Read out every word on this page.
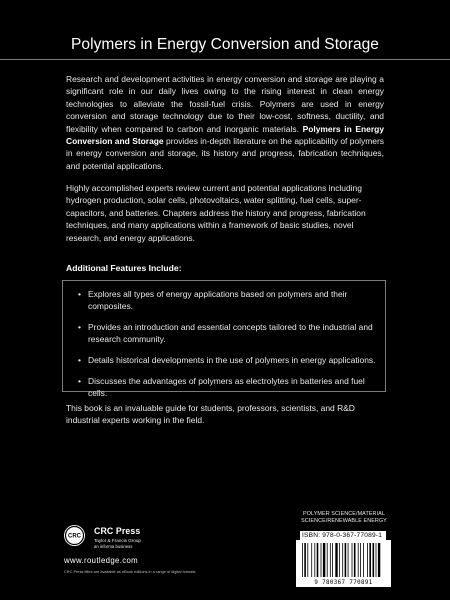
Polymers in Energy Conversion and Storage

Research and development activities in energy conversion and storage are playing a significant role in our daily lives owing to the rising interest in clean energy technologies to alleviate the fossil-fuel crisis. Polymers are used in energy conversion and storage technology due to their low-cost, softness, ductility, and flexibility when compared to carbon and inorganic materials. Polymers in Energy Conversion and Storage provides in-depth literature on the applicability of polymers in energy conversion and storage, its history and progress, fabrication techniques, and potential applications.

Highly accomplished experts review current and potential applications including hydrogen production, solar cells, photovoltaics, water splitting, fuel cells, super-capacitors, and batteries. Chapters address the history and progress, fabrication techniques, and many applications within a framework of basic studies, novel research, and energy applications.

Additional Features Include:
• Explores all types of energy applications based on polymers and their composites.
• Provides an introduction and essential concepts tailored to the industrial and research community.
• Details historical developments in the use of polymers in energy applications.
• Discusses the advantages of polymers as electrolytes in batteries and fuel cells.

This book is an invaluable guide for students, professors, scientists, and R&D industrial experts working in the field.

POLYMER SCIENCE/MATERIAL
SCIENCE/RENEWABLE ENERGY
ISBN: 978-0-367-77089-1
9 780367 770891
CRC
CRC Press
Taylor & Francis Group
an informa business
www.routledge.com
CRC Press titles are available as eBook editions in a range of digital formats
